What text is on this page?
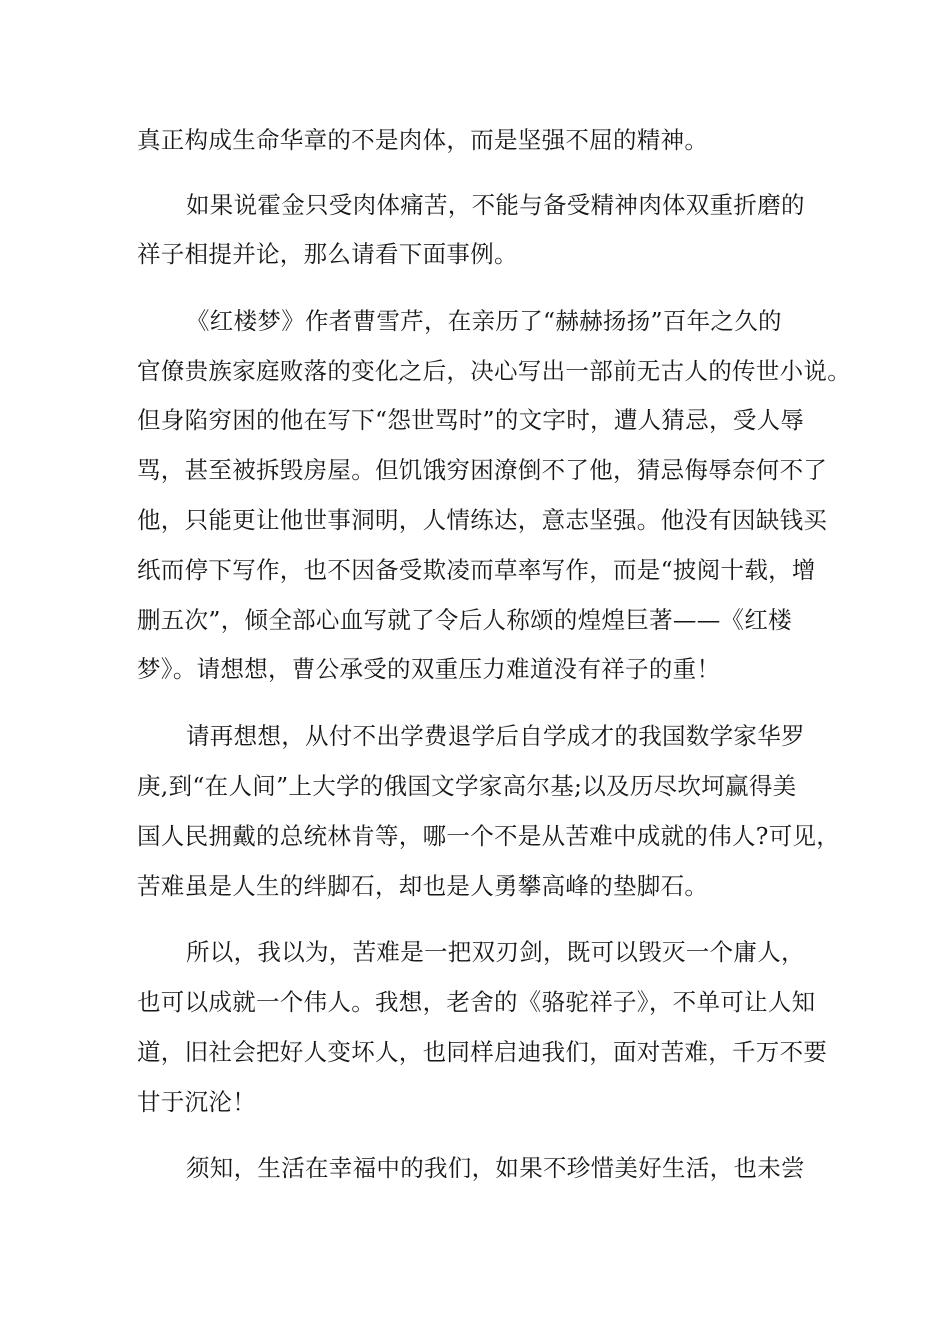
真正构成生命华章的不是肉体，而是坚强不屈的精神。
如果说霍金只受肉体痛苦，不能与备受精神肉体双重折磨的
祥子相提并论，那么请看下面事例。
《红楼梦》作者曹雪芹，在亲历了“赫赫扬扬”百年之久的
官僚贵族家庭败落的变化之后，决心写出一部前无古人的传世小说。
但身陷穷困的他在写下“怨世骂时”的文字时，遭人猜忌，受人辱
骂，甚至被拆毁房屋。但饥饿穷困潦倒不了他，猜忌侮辱奈何不了
他，只能更让他世事洞明，人情练达，意志坚强。他没有因缺钱买
纸而停下写作，也不因备受欺凌而草率写作，而是“披阅十载，增
删五次”，倾全部心血写就了令后人称颂的煌煌巨著——《红楼
梦》。请想想，曹公承受的双重压力难道没有祥子的重！
请再想想，从付不出学费退学后自学成才的我国数学家华罗
庚,到“在人间”上大学的俄国文学家高尔基;以及历尽坎坷赢得美
国人民拥戴的总统林肯等，哪一个不是从苦难中成就的伟人?可见，
苦难虽是人生的绊脚石，却也是人勇攀高峰的垫脚石。
所以，我以为，苦难是一把双刃剑，既可以毁灭一个庸人，
也可以成就一个伟人。我想，老舍的《骆驼祥子》，不单可让人知
道，旧社会把好人变坏人，也同样启迪我们，面对苦难，千万不要
甘于沉沦！
须知，生活在幸福中的我们，如果不珍惜美好生活，也未尝
